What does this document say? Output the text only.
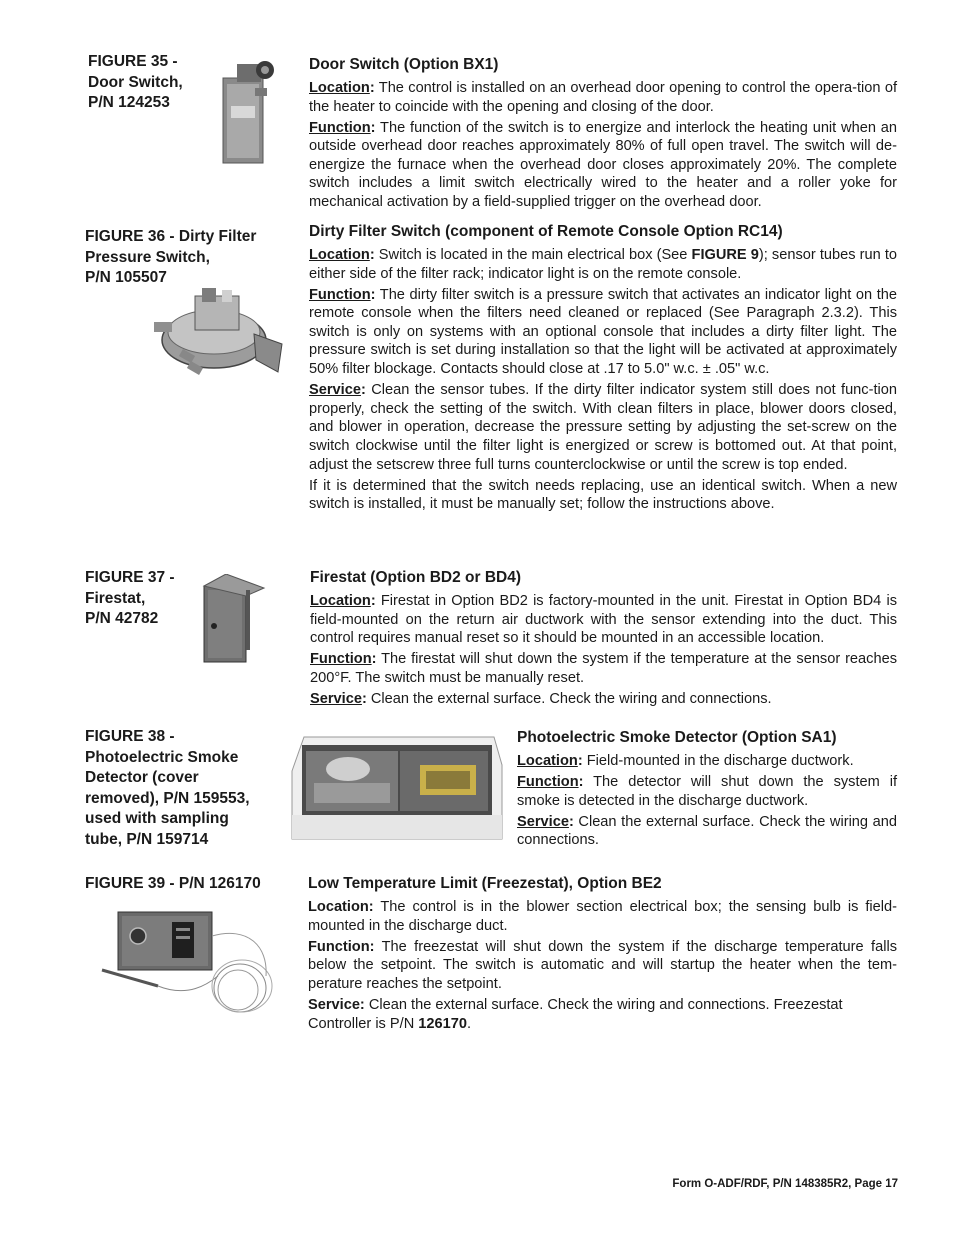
FIGURE 35 -
Door Switch,
P/N 124253
FIGURE 36 - Dirty Filter
Pressure Switch,
P/N 105507
FIGURE 37 -
Firestat,
P/N 42782
FIGURE 38 -
Photoelectric Smoke
Detector (cover
removed), P/N 159553,
used with sampling
tube, P/N 159714
FIGURE 39 - P/N 126170
Door Switch (Option BX1)

Location: The control is installed on an overhead door opening to control the opera-tion of the heater to coincide with the opening and closing of the door.

Function: The function of the switch is to energize and interlock the heating unit when an outside overhead door reaches approximately 80% of full open travel. The switch will de-energize the furnace when the overhead door closes approximately 20%. The complete switch includes a limit switch electrically wired to the heater and a roller yoke for mechanical activation by a field-supplied trigger on the overhead door.

Dirty Filter Switch (component of Remote Console Option RC14)

Location: Switch is located in the main electrical box (See FIGURE 9); sensor tubes run to either side of the filter rack; indicator light is on the remote console.

Function: The dirty filter switch is a pressure switch that activates an indicator light on the remote console when the filters need cleaned or replaced (See Paragraph 2.3.2). This switch is only on systems with an optional console that includes a dirty filter light. The pressure switch is set during installation so that the light will be activated at approximately 50% filter blockage. Contacts should close at .17 to 5.0" w.c. ± .05" w.c.

Service: Clean the sensor tubes. If the dirty filter indicator system still does not func-tion properly, check the setting of the switch. With clean filters in place, blower doors closed, and blower in operation, decrease the pressure setting by adjusting the set-screw on the switch clockwise until the filter light is energized or screw is bottomed out. At that point, adjust the setscrew three full turns counterclockwise or until the screw is top ended.

If it is determined that the switch needs replacing, use an identical switch. When a new switch is installed, it must be manually set; follow the instructions above.

Firestat (Option BD2 or BD4)

Location: Firestat in Option BD2 is factory-mounted in the unit. Firestat in Option BD4 is field-mounted on the return air ductwork with the sensor extending into the duct. This control requires manual reset so it should be mounted in an accessible location.

Function: The firestat will shut down the system if the temperature at the sensor reaches 200°F. The switch must be manually reset.

Service: Clean the external surface. Check the wiring and connections.

Photoelectric Smoke Detector (Option SA1)

Location: Field-mounted in the discharge ductwork.

Function: The detector will shut down the system if smoke is detected in the discharge ductwork.

Service: Clean the external surface. Check the wiring and connections.

Low Temperature Limit (Freezestat), Option BE2

Location: The control is in the blower section electrical box; the sensing bulb is field-mounted in the discharge duct.

Function: The freezestat will shut down the system if the discharge temperature falls below the setpoint. The switch is automatic and will startup the heater when the tem-perature reaches the setpoint.

Service: Clean the external surface. Check the wiring and connections. Freezestat Controller is P/N 126170.

Form O-ADF/RDF, P/N 148385R2, Page 17
